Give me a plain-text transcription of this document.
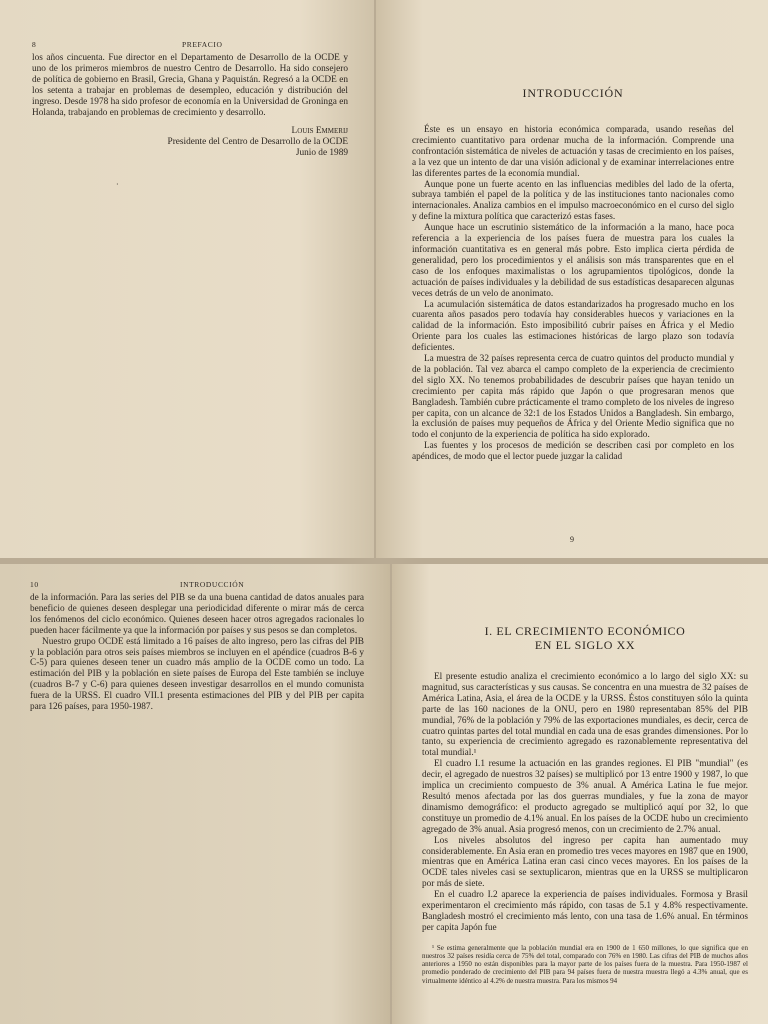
8	PREFACIO

los años cincuenta. Fue director en el Departamento de Desarrollo de la OCDE y uno de los primeros miembros de nuestro Centro de Desarrollo. Ha sido consejero de política de gobierno en Brasil, Grecia, Ghana y Paquistán. Regresó a la OCDE en los setenta a trabajar en problemas de desempleo, educación y distribución del ingreso. Desde 1978 ha sido profesor de economía en la Universidad de Groninga en Holanda, trabajando en problemas de crecimiento y desarrollo.

Louis Emmerij
Presidente del Centro de Desarrollo de la OCDE
Junio de 1989
·
INTRODUCCIÓN

Éste es un ensayo en historia económica comparada, usando reseñas del crecimiento cuantitativo para ordenar mucha de la información. Comprende una confrontación sistemática de niveles de actuación y tasas de crecimiento en los países, a la vez que un intento de dar una visión adicional y de examinar interrelaciones entre las diferentes partes de la economía mundial.

Aunque pone un fuerte acento en las influencias medibles del lado de la oferta, subraya también el papel de la política y de las instituciones tanto nacionales como internacionales. Analiza cambios en el impulso macroeconómico en el curso del siglo y define la mixtura política que caracterizó estas fases.

Aunque hace un escrutinio sistemático de la información a la mano, hace poca referencia a la experiencia de los países fuera de muestra para los cuales la información cuantitativa es en general más pobre. Esto implica cierta pérdida de generalidad, pero los procedimientos y el análisis son más transparentes que en el caso de los enfoques maximalistas o los agrupamientos tipológicos, donde la actuación de países individuales y la debilidad de sus estadísticas desaparecen algunas veces detrás de un velo de anonimato.

La acumulación sistemática de datos estandarizados ha progresado mucho en los cuarenta años pasados pero todavía hay considerables huecos y variaciones en la calidad de la información. Esto imposibilitó cubrir países en África y el Medio Oriente para los cuales las estimaciones históricas de largo plazo son todavía deficientes.

La muestra de 32 países representa cerca de cuatro quintos del producto mundial y de la población. Tal vez abarca el campo completo de la experiencia de crecimiento del siglo XX. No tenemos probabilidades de descubrir países que hayan tenido un crecimiento per capita más rápido que Japón o que progresaran menos que Bangladesh. También cubre prácticamente el tramo completo de los niveles de ingreso per capita, con un alcance de 32:1 de los Estados Unidos a Bangladesh. Sin embargo, la exclusión de países muy pequeños de África y del Oriente Medio significa que no todo el conjunto de la experiencia de política ha sido explorado.

Las fuentes y los procesos de medición se describen casi por completo en los apéndices, de modo que el lector puede juzgar la calidad

9
10	INTRODUCCIÓN

de la información. Para las series del PIB se da una buena cantidad de datos anuales para beneficio de quienes deseen desplegar una periodicidad diferente o mirar más de cerca los fenómenos del ciclo económico. Quienes deseen hacer otros agregados racionales lo pueden hacer fácilmente ya que la información por países y sus pesos se dan completos.

Nuestro grupo OCDE está limitado a 16 países de alto ingreso, pero las cifras del PIB y la población para otros seis países miembros se incluyen en el apéndice (cuadros B-6 y C-5) para quienes deseen tener un cuadro más amplio de la OCDE como un todo. La estimación del PIB y la población en siete países de Europa del Este también se incluye (cuadros B-7 y C-6) para quienes deseen investigar desarrollos en el mundo comunista fuera de la URSS. El cuadro VII.1 presenta estimaciones del PIB y del PIB per capita para 126 países, para 1950-1987.

I. EL CRECIMIENTO ECONÓMICO
EN EL SIGLO XX

El presente estudio analiza el crecimiento económico a lo largo del siglo XX: su magnitud, sus características y sus causas. Se concentra en una muestra de 32 países de América Latina, Asia, el área de la OCDE y la URSS. Éstos constituyen sólo la quinta parte de las 160 naciones de la ONU, pero en 1980 representaban 85% del PIB mundial, 76% de la población y 79% de las exportaciones mundiales, es decir, cerca de cuatro quintas partes del total mundial en cada una de esas grandes dimensiones. Por lo tanto, su experiencia de crecimiento agregado es razonablemente representativa del total mundial.¹

El cuadro I.1 resume la actuación en las grandes regiones. El PIB "mundial" (es decir, el agregado de nuestros 32 países) se multiplicó por 13 entre 1900 y 1987, lo que implica un crecimiento compuesto de 3% anual. A América Latina le fue mejor. Resultó menos afectada por las dos guerras mundiales, y fue la zona de mayor dinamismo demográfico: el producto agregado se multiplicó aquí por 32, lo que constituye un promedio de 4.1% anual. En los países de la OCDE hubo un crecimiento agregado de 3% anual. Asia progresó menos, con un crecimiento de 2.7% anual.

Los niveles absolutos del ingreso per capita han aumentado muy considerablemente. En Asia eran en promedio tres veces mayores en 1987 que en 1900, mientras que en América Latina eran casi cinco veces mayores. En los países de la OCDE tales niveles casi se sextuplicaron, mientras que en la URSS se multiplicaron por más de siete.

En el cuadro I.2 aparece la experiencia de países individuales. Formosa y Brasil experimentaron el crecimiento más rápido, con tasas de 5.1 y 4.8% respectivamente. Bangladesh mostró el crecimiento más lento, con una tasa de 1.6% anual. En términos per capita Japón fue

¹ Se estima generalmente que la población mundial era en 1900 de 1 650 millones, lo que significa que en nuestros 32 países residía cerca de 75% del total, comparado con 76% en 1980. Las cifras del PIB de muchos años anteriores a 1950 no están disponibles para la mayor parte de los países fuera de la muestra. Para 1950-1987 el promedio ponderado de crecimiento del PIB para 94 países fuera de nuestra muestra llegó a 4.3% anual, que es virtualmente idéntico al 4.2% de nuestra muestra. Para los mismos 94
